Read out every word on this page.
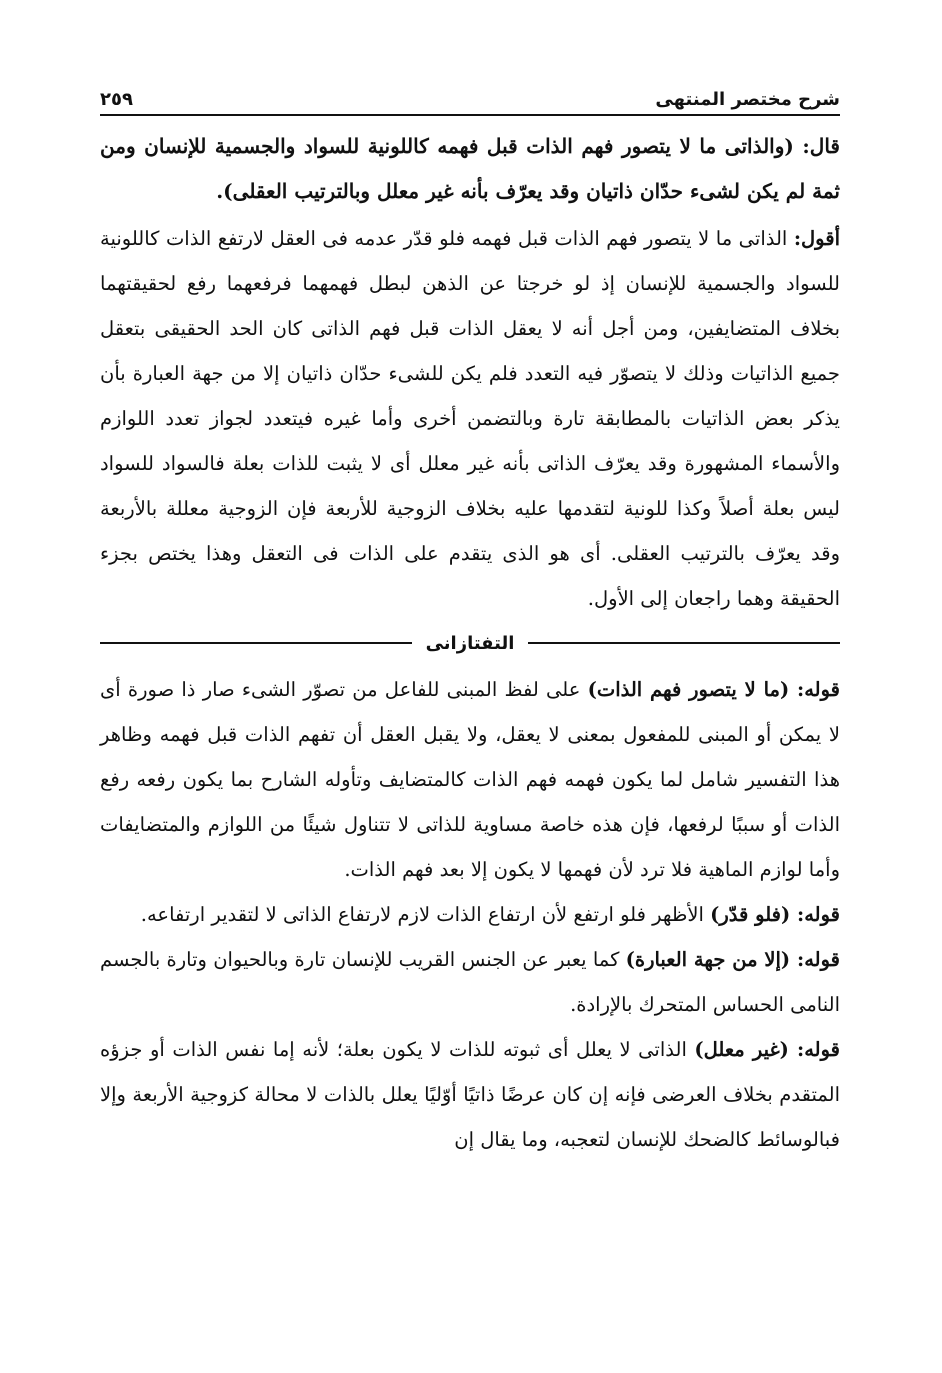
شرح مختصر المنتهى
٢٥٩

قال: (والذاتى ما لا يتصور فهم الذات قبل فهمه كاللونية للسواد والجسمية للإنسان ومن ثمة لم يكن لشىء حدّان ذاتيان وقد يعرّف بأنه غير معلل وبالترتيب العقلى).

أقول: الذاتى ما لا يتصور فهم الذات قبل فهمه فلو قدّر عدمه فى العقل لارتفع الذات كاللونية للسواد والجسمية للإنسان إذ لو خرجتا عن الذهن لبطل فهمهما فرفعهما رفع لحقيقتهما بخلاف المتضايفين، ومن أجل أنه لا يعقل الذات قبل فهم الذاتى كان الحد الحقيقى بتعقل جميع الذاتيات وذلك لا يتصوّر فيه التعدد فلم يكن للشىء حدّان ذاتيان إلا من جهة العبارة بأن يذكر بعض الذاتيات بالمطابقة تارة وبالتضمن أخرى وأما غيره فيتعدد لجواز تعدد اللوازم والأسماء المشهورة وقد يعرّف الذاتى بأنه غير معلل أى لا يثبت للذات بعلة فالسواد للسواد ليس بعلة أصلاً وكذا للونية لتقدمها عليه بخلاف الزوجية للأربعة فإن الزوجية معللة بالأربعة وقد يعرّف بالترتيب العقلى. أى هو الذى يتقدم على الذات فى التعقل وهذا يختص بجزء الحقيقة وهما راجعان إلى الأول.

التفتازانى

قوله: (ما لا يتصور فهم الذات) على لفظ المبنى للفاعل من تصوّر الشىء صار ذا صورة أى لا يمكن أو المبنى للمفعول بمعنى لا يعقل، ولا يقبل العقل أن تفهم الذات قبل فهمه وظاهر هذا التفسير شامل لما يكون فهمه فهم الذات كالمتضايف وتأوله الشارح بما يكون رفعه رفع الذات أو سببًا لرفعها، فإن هذه خاصة مساوية للذاتى لا تتناول شيئًا من اللوازم والمتضايفات وأما لوازم الماهية فلا ترد لأن فهمها لا يكون إلا بعد فهم الذات.

قوله: (فلو قدّر) الأظهر فلو ارتفع لأن ارتفاع الذات لازم لارتفاع الذاتى لا لتقدير ارتفاعه.

قوله: (إلا من جهة العبارة) كما يعبر عن الجنس القريب للإنسان تارة وبالحيوان وتارة بالجسم النامى الحساس المتحرك بالإرادة.

قوله: (غير معلل) الذاتى لا يعلل أى ثبوته للذات لا يكون بعلة؛ لأنه إما نفس الذات أو جزؤه المتقدم بخلاف العرضى فإنه إن كان عرضًا ذاتيًا أوّليًا يعلل بالذات لا محالة كزوجية الأربعة وإلا فبالوسائط كالضحك للإنسان لتعجبه، وما يقال إن
